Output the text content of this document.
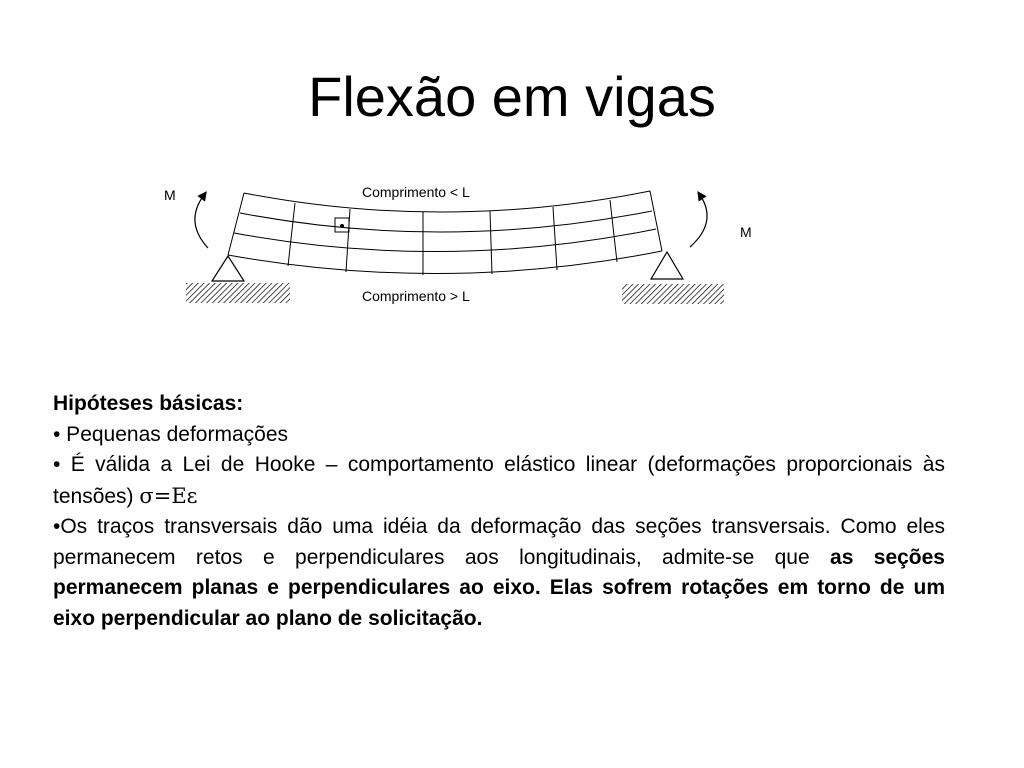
Flexão em vigas
M
M
Comprimento < L
Comprimento > L

Hipóteses básicas:

• Pequenas deformações

• É válida a Lei de Hooke – comportamento elástico linear (deformações proporcionais às tensões) σ=Eε

•Os traços transversais dão uma idéia da deformação das seções transversais. Como eles permanecem retos e perpendiculares aos longitudinais, admite-se que as seções permanecem planas e perpendiculares ao eixo. Elas sofrem rotações em torno de um eixo perpendicular ao plano de solicitação.
